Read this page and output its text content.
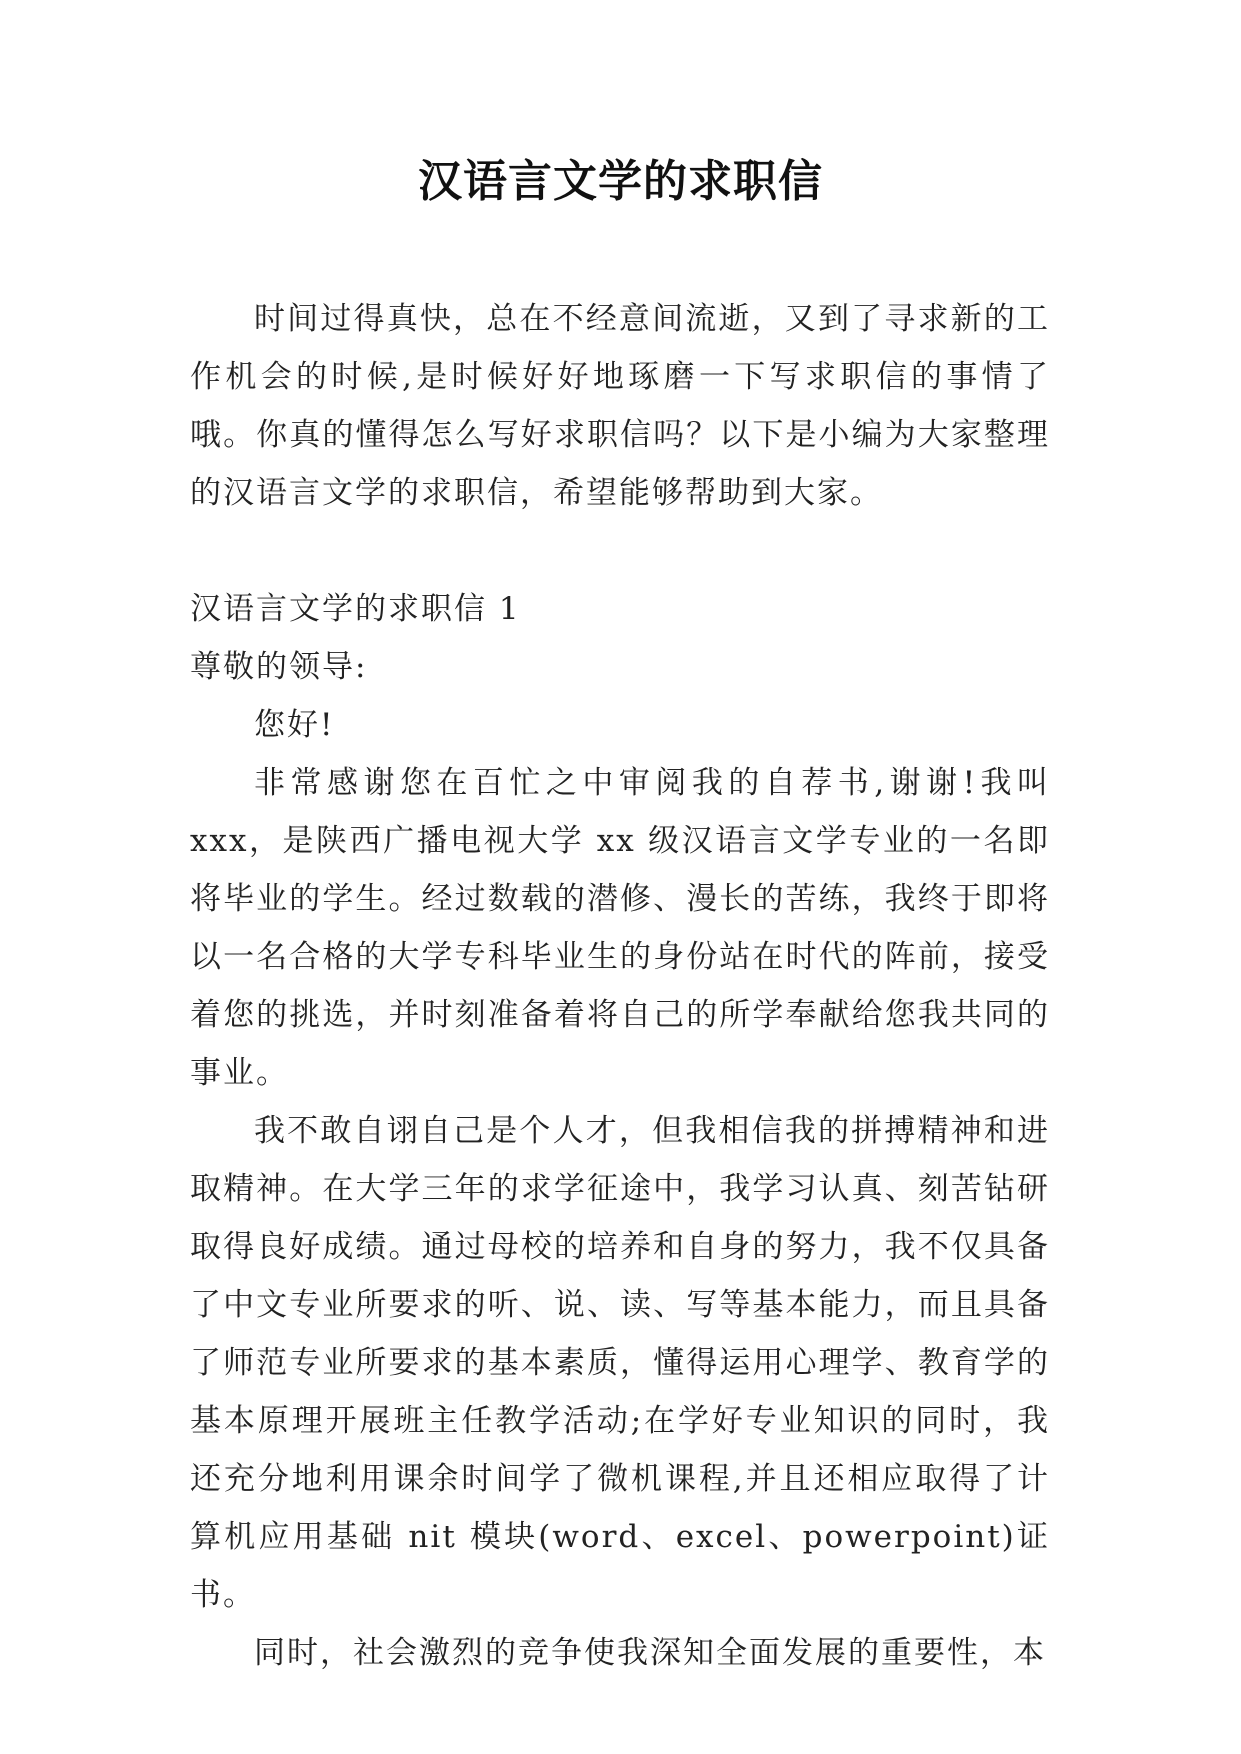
汉语言文学的求职信

时间过得真快，总在不经意间流逝，又到了寻求新的工作机会的时候,是时候好好地琢磨一下写求职信的事情了哦。你真的懂得怎么写好求职信吗？以下是小编为大家整理的汉语言文学的求职信，希望能够帮助到大家。

汉语言文学的求职信 1

尊敬的领导:

您好!

非常感谢您在百忙之中审阅我的自荐书,谢谢!我叫 xxx，是陕西广播电视大学 xx 级汉语言文学专业的一名即将毕业的学生。经过数载的潜修、漫长的苦练，我终于即将以一名合格的大学专科毕业生的身份站在时代的阵前，接受着您的挑选，并时刻准备着将自己的所学奉献给您我共同的事业。

我不敢自诩自己是个人才，但我相信我的拼搏精神和进取精神。在大学三年的求学征途中，我学习认真、刻苦钻研取得良好成绩。通过母校的培养和自身的努力，我不仅具备了中文专业所要求的听、说、读、写等基本能力，而且具备了师范专业所要求的基本素质，懂得运用心理学、教育学的基本原理开展班主任教学活动;在学好专业知识的同时，我还充分地利用课余时间学了微机课程,并且还相应取得了计算机应用基础 nit 模块(word、excel、powerpoint)证书。

同时，社会激烈的竞争使我深知全面发展的重要性，本
